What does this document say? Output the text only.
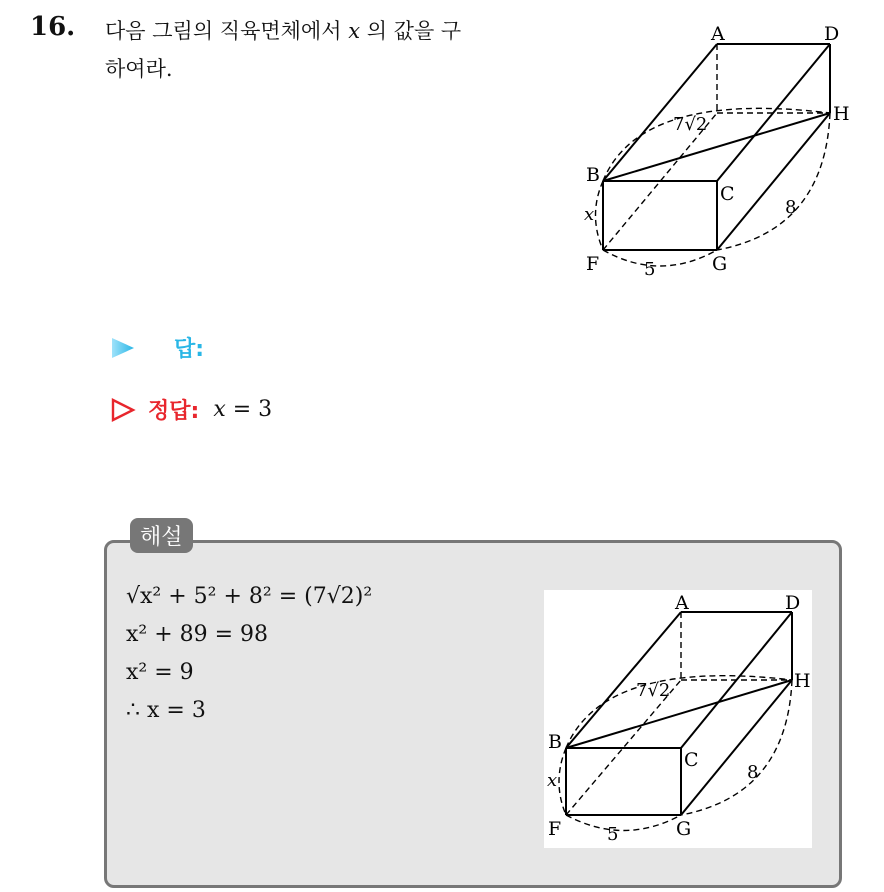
16. 다음 그림의 직육면체에서 x 의 값을 구
하여라.
A	D
H
B
C
F	G
7√2
x
5
8
답:
정답: x = 3
해설
√x² + 5² + 8² = (7√2)²
x² + 89 = 98
x² = 9
∴ x = 3
A	D
H
B
C
F	G
7√2
x
5
8
